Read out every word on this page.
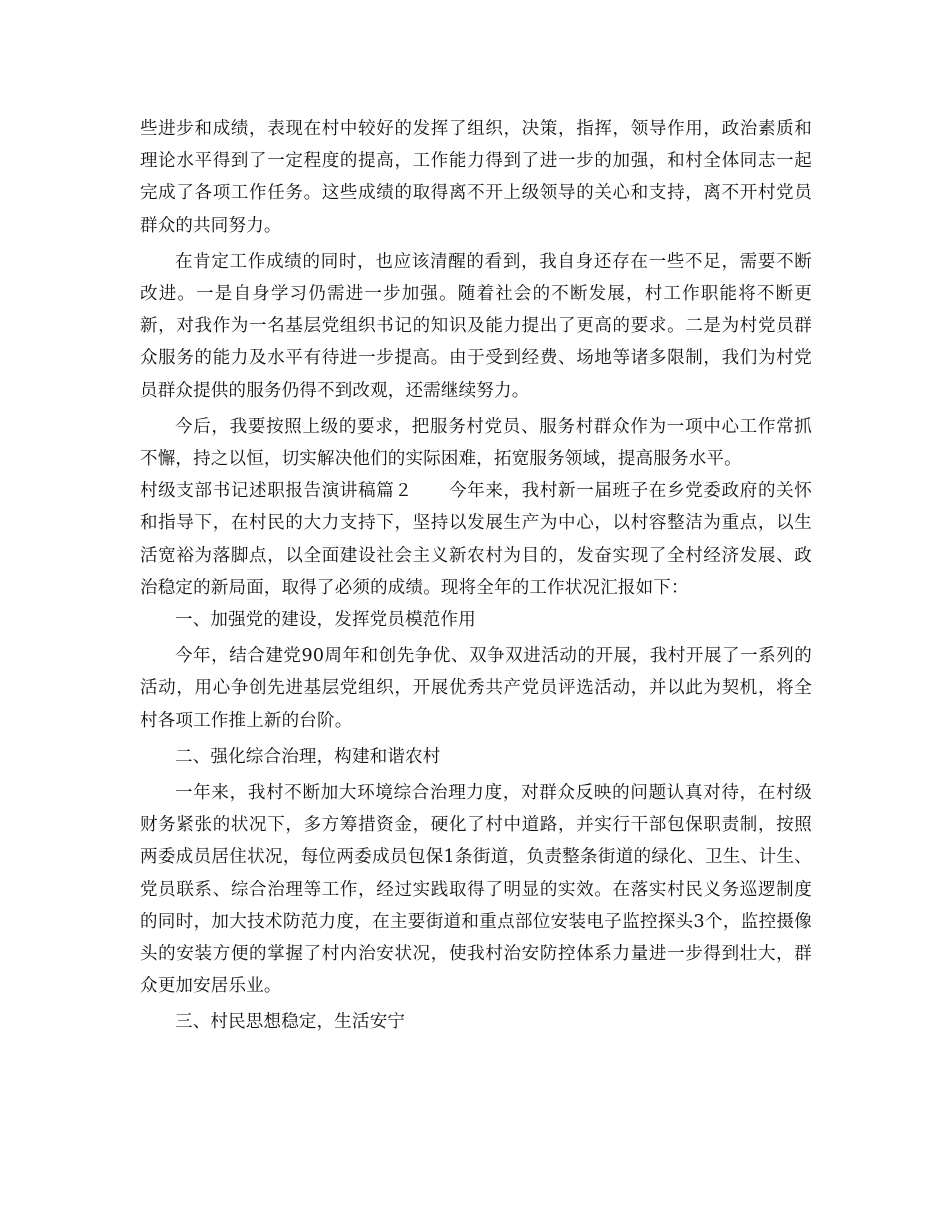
些进步和成绩，表现在村中较好的发挥了组织，决策，指挥，领导作用，政治素质和理论水平得到了一定程度的提高，工作能力得到了进一步的加强，和村全体同志一起完成了各项工作任务。这些成绩的取得离不开上级领导的关心和支持，离不开村党员群众的共同努力。

在肯定工作成绩的同时，也应该清醒的看到，我自身还存在一些不足，需要不断改进。一是自身学习仍需进一步加强。随着社会的不断发展，村工作职能将不断更新，对我作为一名基层党组织书记的知识及能力提出了更高的要求。二是为村党员群众服务的能力及水平有待进一步提高。由于受到经费、场地等诸多限制，我们为村党员群众提供的服务仍得不到改观，还需继续努力。

今后，我要按照上级的要求，把服务村党员、服务村群众作为一项中心工作常抓不懈，持之以恒，切实解决他们的实际困难，拓宽服务领域，提高服务水平。

村级支部书记述职报告演讲稿篇２　　今年来，我村新一届班子在乡党委政府的关怀和指导下，在村民的大力支持下，坚持以发展生产为中心，以村容整洁为重点，以生活宽裕为落脚点，以全面建设社会主义新农村为目的，发奋实现了全村经济发展、政治稳定的新局面，取得了必须的成绩。现将全年的工作状况汇报如下：

一、加强党的建设，发挥党员模范作用

今年，结合建党90周年和创先争优、双争双进活动的开展，我村开展了一系列的活动，用心争创先进基层党组织，开展优秀共产党员评选活动，并以此为契机，将全村各项工作推上新的台阶。

二、强化综合治理，构建和谐农村

一年来，我村不断加大环境综合治理力度，对群众反映的问题认真对待，在村级财务紧张的状况下，多方筹措资金，硬化了村中道路，并实行干部包保职责制，按照两委成员居住状况，每位两委成员包保1条街道，负责整条街道的绿化、卫生、计生、党员联系、综合治理等工作，经过实践取得了明显的实效。在落实村民义务巡逻制度的同时，加大技术防范力度，在主要街道和重点部位安装电子监控探头3个，监控摄像头的安装方便的掌握了村内治安状况，使我村治安防控体系力量进一步得到壮大，群众更加安居乐业。

三、村民思想稳定，生活安宁
